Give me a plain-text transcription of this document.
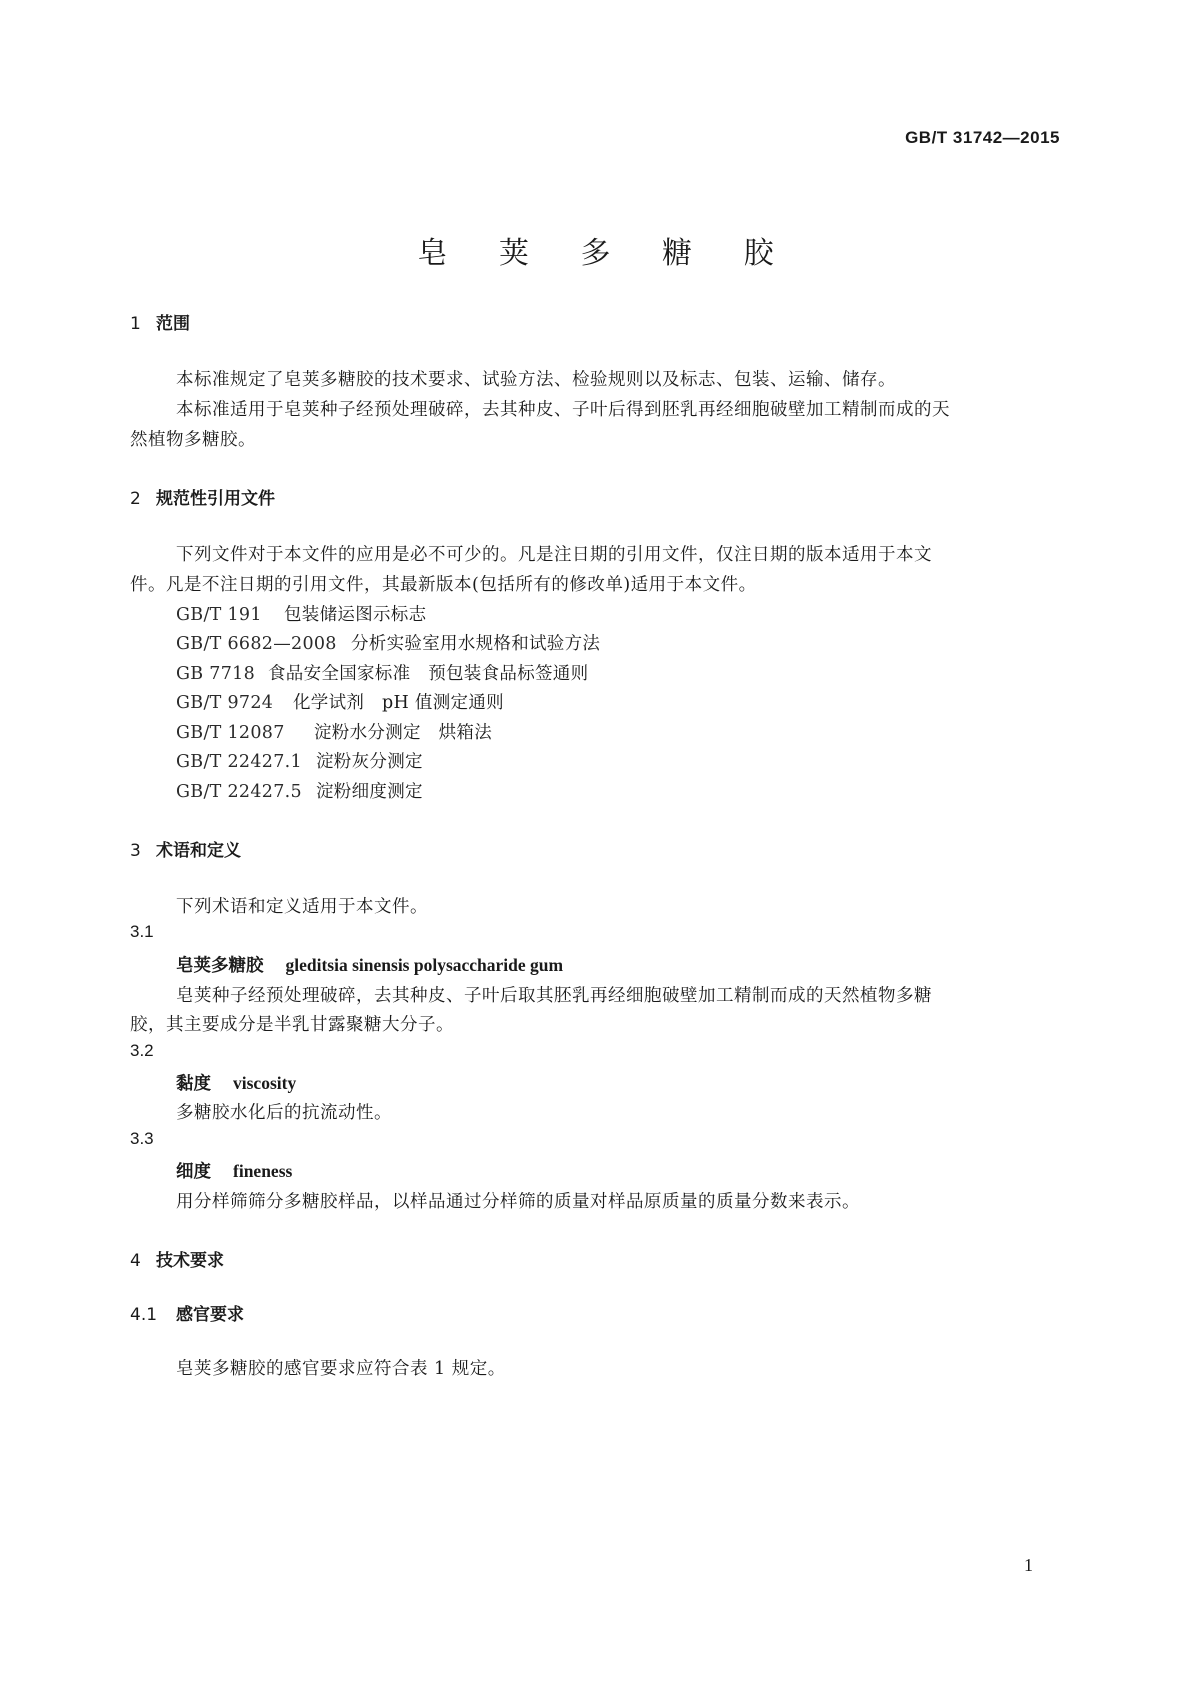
GB/T 31742—2015
皂 荚 多 糖 胶
1 范围
本标准规定了皂荚多糖胶的技术要求、试验方法、检验规则以及标志、包装、运输、储存。
本标准适用于皂荚种子经预处理破碎，去其种皮、子叶后得到胚乳再经细胞破壁加工精制而成的天
然植物多糖胶。
2 规范性引用文件
下列文件对于本文件的应用是必不可少的。凡是注日期的引用文件，仅注日期的版本适用于本文
件。凡是不注日期的引用文件，其最新版本(包括所有的修改单)适用于本文件。
GB/T 191 包装储运图示标志
GB/T 6682—2008 分析实验室用水规格和试验方法
GB 7718 食品安全国家标准　预包装食品标签通则
GB/T 9724 化学试剂　pH 值测定通则
GB/T 12087 淀粉水分测定　烘箱法
GB/T 22427.1 淀粉灰分测定
GB/T 22427.5 淀粉细度测定
3 术语和定义
下列术语和定义适用于本文件。
3.1
皂荚多糖胶 gleditsia sinensis polysaccharide gum
皂荚种子经预处理破碎，去其种皮、子叶后取其胚乳再经细胞破壁加工精制而成的天然植物多糖
胶，其主要成分是半乳甘露聚糖大分子。
3.2
黏度 viscosity
多糖胶水化后的抗流动性。
3.3
细度 fineness
用分样筛筛分多糖胶样品，以样品通过分样筛的质量对样品原质量的质量分数来表示。
4 技术要求
4.1 感官要求
皂荚多糖胶的感官要求应符合表 1 规定。
1
